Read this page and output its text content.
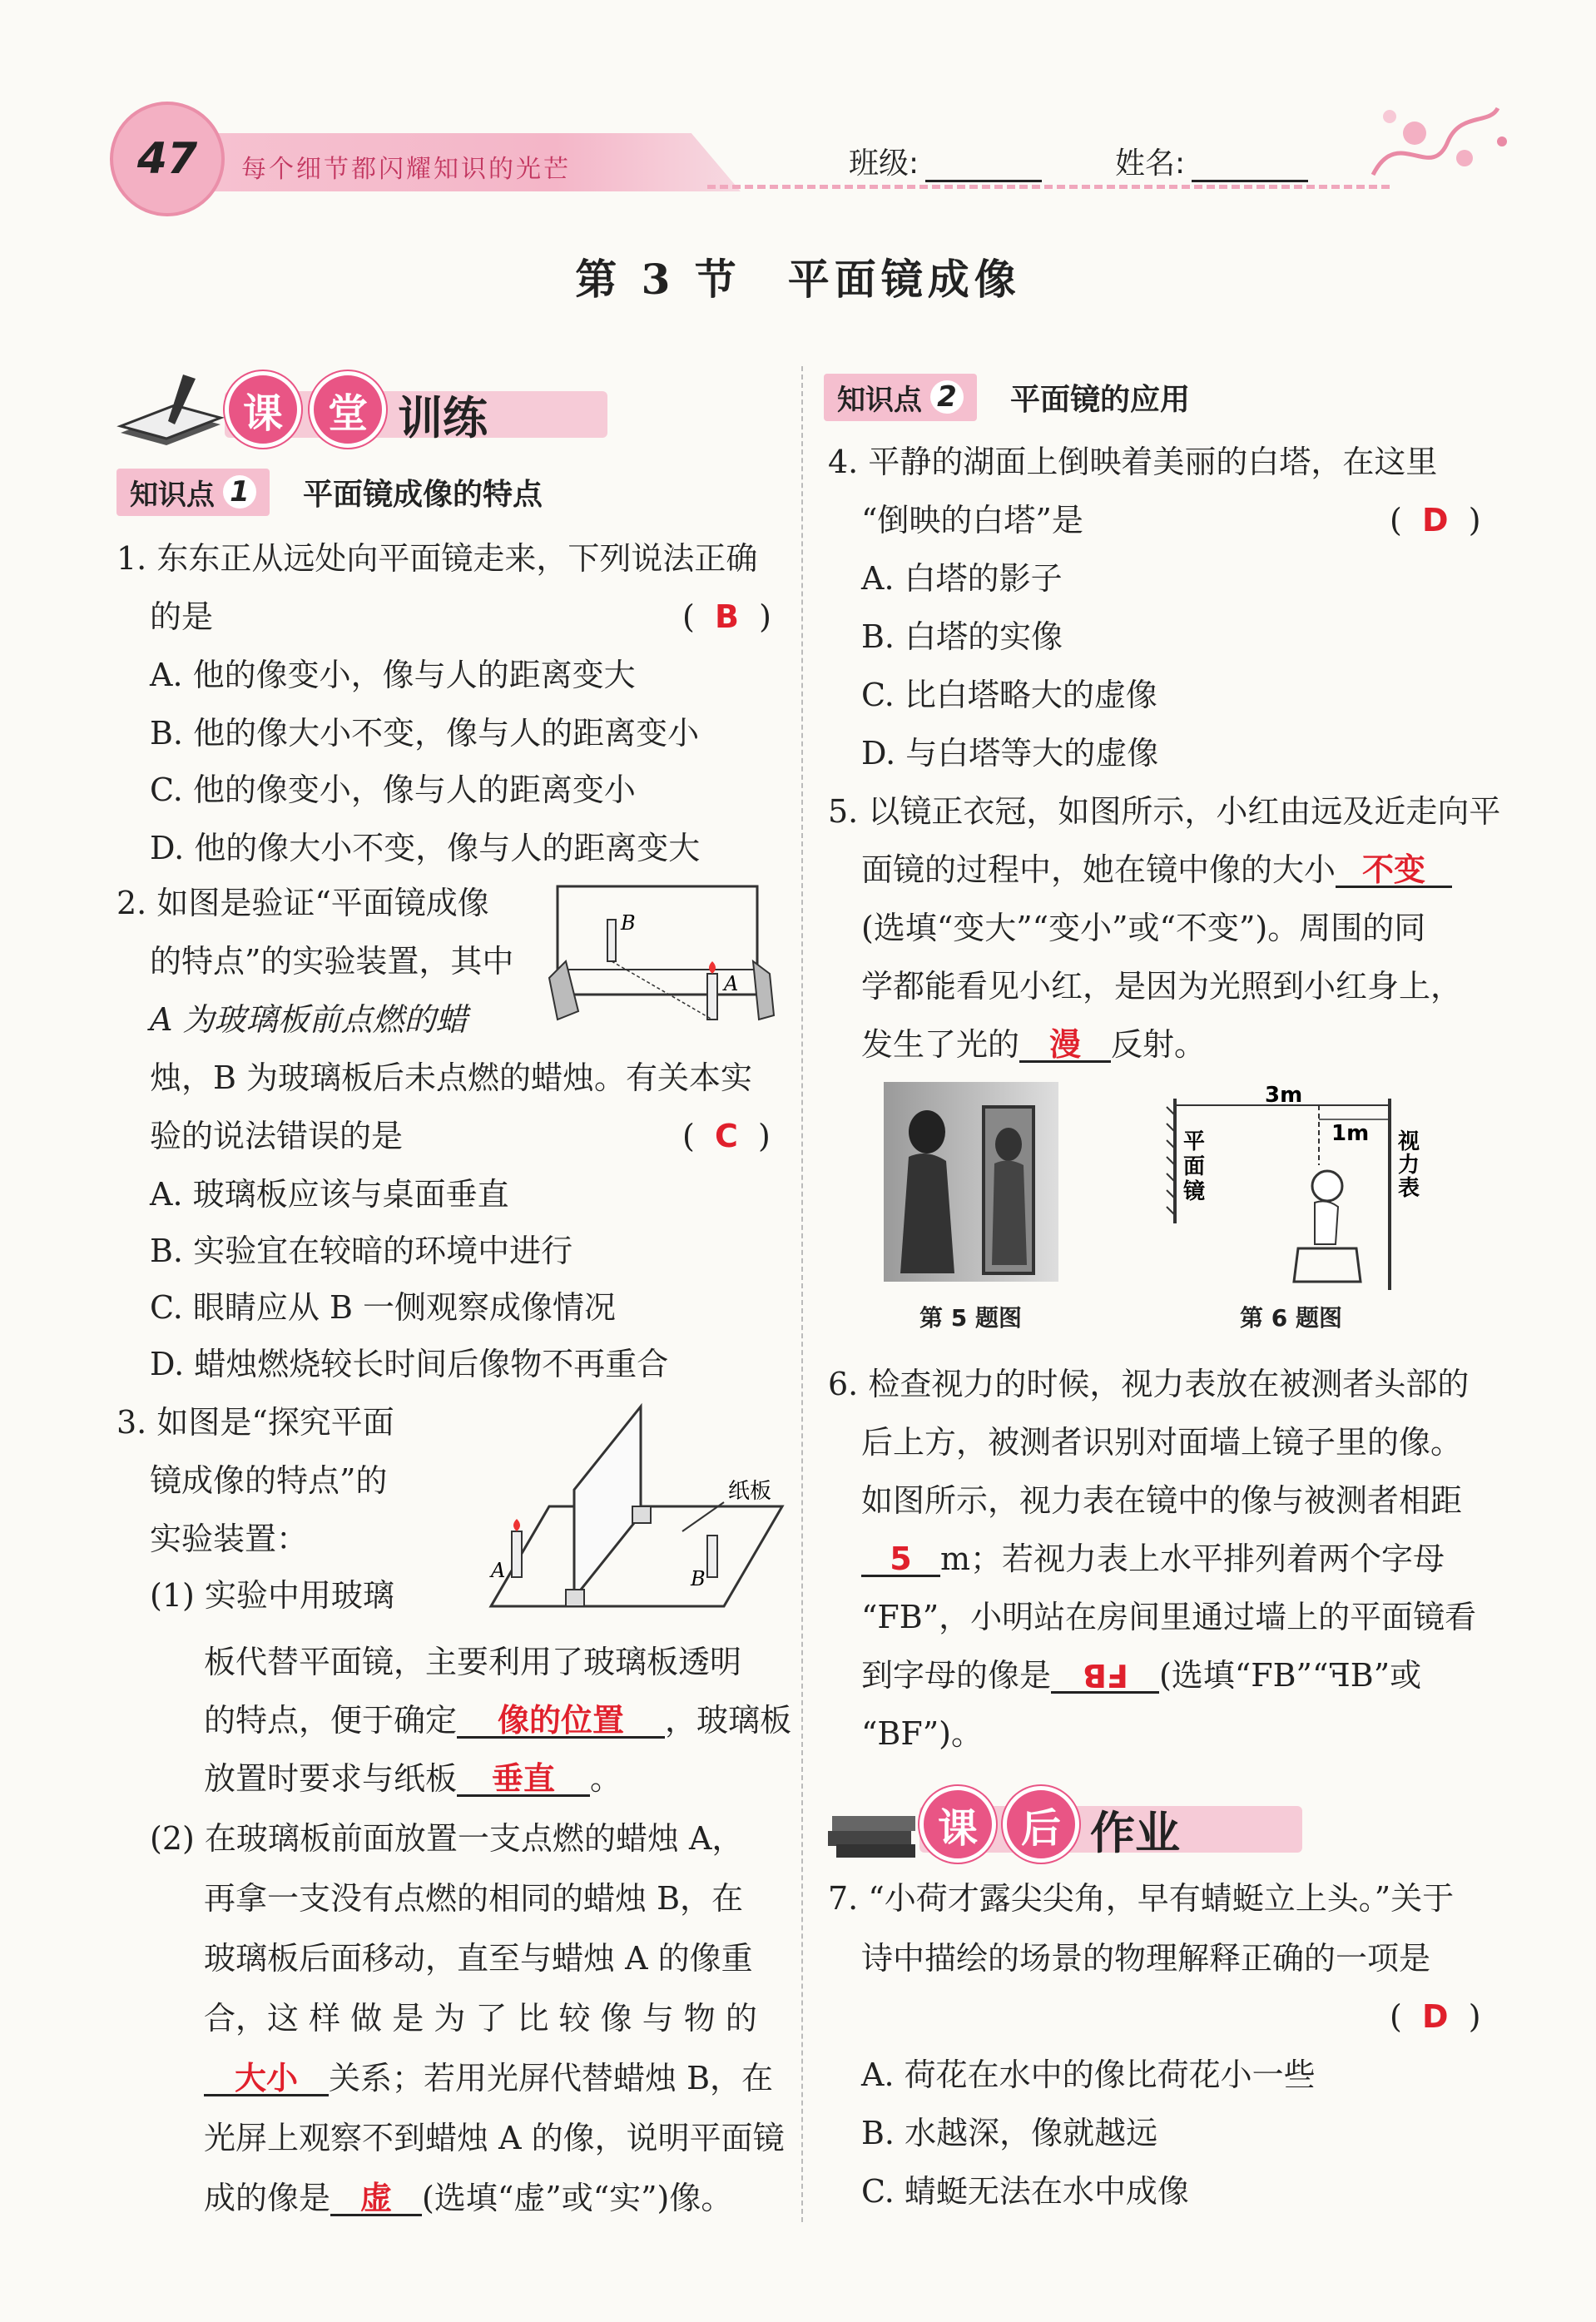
47	每个细节都闪耀知识的光芒	班级:	姓名:
第 3 节　平面镜成像
课	堂 训练
知识点 1 平面镜成像的特点
1. 东东正从远处向平面镜走来，下列说法正确
的是	(  B  )
A. 他的像变小，像与人的距离变大
B. 他的像大小不变，像与人的距离变小
C. 他的像变小，像与人的距离变小
D. 他的像大小不变，像与人的距离变大
2. 如图是验证“平面镜成像
的特点”的实验装置，其中
A 为玻璃板前点燃的蜡
烛，B 为玻璃板后未点燃的蜡烛。有关本实
验的说法错误的是	(  C  )
A. 玻璃板应该与桌面垂直
B. 实验宜在较暗的环境中进行
C. 眼睛应从 B 一侧观察成像情况
D. 蜡烛燃烧较长时间后像物不再重合
B
A
3. 如图是“探究平面
镜成像的特点”的
实验装置：
(1) 实验中用玻璃
纸板
A	B
板代替平面镜，主要利用了玻璃板透明
的特点，便于确定 像的位置 ，玻璃板
放置时要求与纸板 垂直 。
(2) 在玻璃板前面放置一支点燃的蜡烛 A，
再拿一支没有点燃的相同的蜡烛 B，在
玻璃板后面移动，直至与蜡烛 A 的像重
合，这 样 做 是 为 了 比 较 像 与 物 的
大小 关系；若用光屏代替蜡烛 B，在
光屏上观察不到蜡烛 A 的像，说明平面镜
成的像是 虚 (选填“虚”或“实”)像。
知识点 2 平面镜的应用
4. 平静的湖面上倒映着美丽的白塔，在这里
“倒映的白塔”是	(  D  )
A. 白塔的影子
B. 白塔的实像
C. 比白塔略大的虚像
D. 与白塔等大的虚像
5. 以镜正衣冠，如图所示，小红由远及近走向平
面镜的过程中，她在镜中像的大小 不变
(选填“变大”“变小”或“不变”)。周围的同
学都能看见小红，是因为光照到小红身上，
发生了光的 漫 反射。
第 5 题图
3m
1m
平
面
镜
视
力
表
第 6 题图
6. 检查视力的时候，视力表放在被测者头部的
后上方，被测者识别对面墙上镜子里的像。
如图所示，视力表在镜中的像与被测者相距
5 m；若视力表上水平排列着两个字母
“FB”，小明站在房间里通过墙上的平面镜看
到字母的像是 FB (选填“FB”“ꟻB”或
“BF”)。
课	后 作业
7. “小荷才露尖尖角，早有蜻蜓立上头。”关于
诗中描绘的场景的物理解释正确的一项是
(  D  )
A. 荷花在水中的像比荷花小一些
B. 水越深，像就越远
C. 蜻蜓无法在水中成像
